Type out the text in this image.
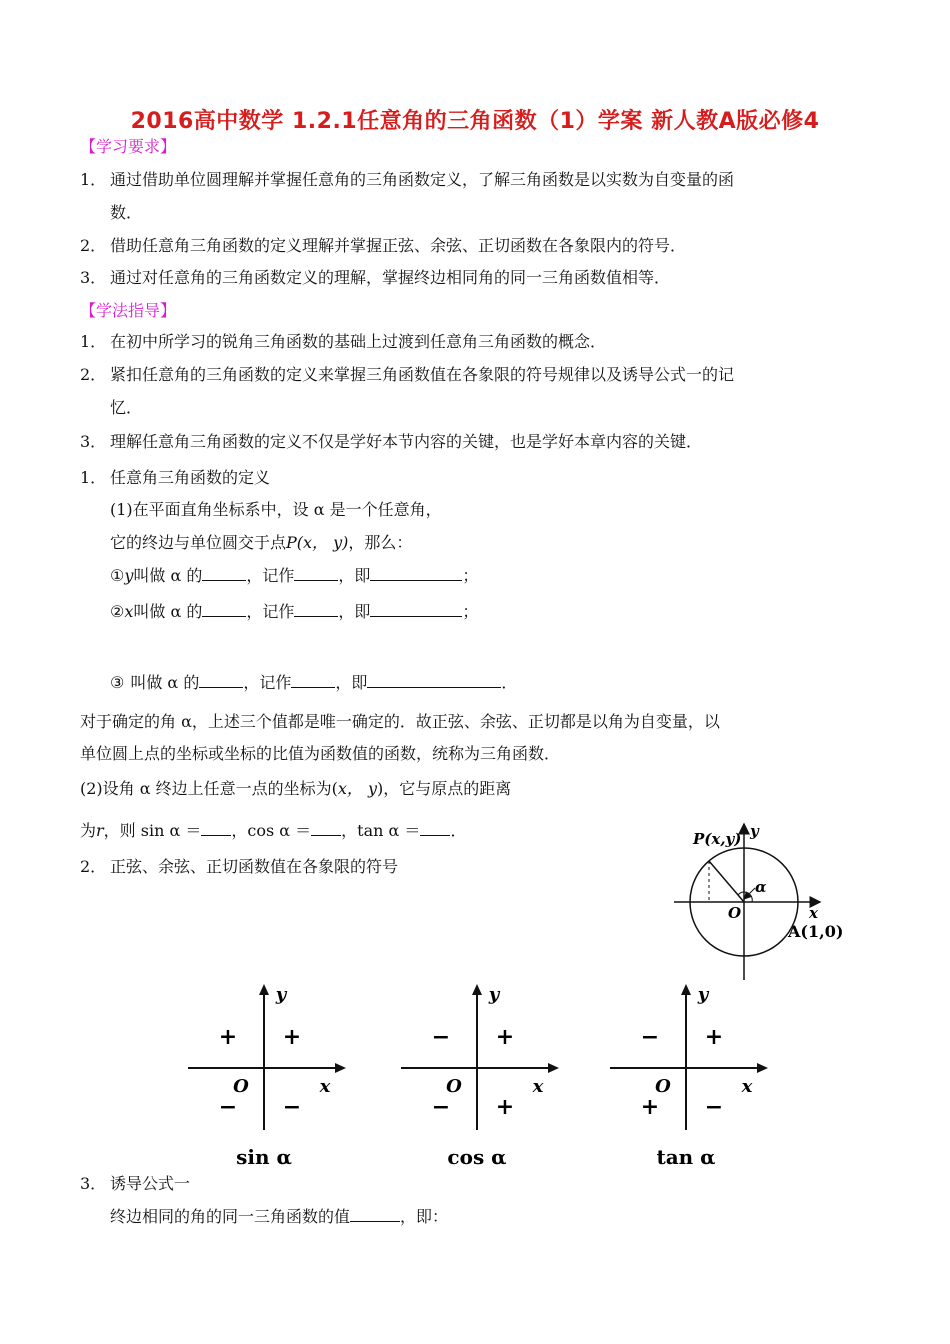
2016高中数学 1.2.1任意角的三角函数（1）学案 新人教A版必修4
【学习要求】
1． 通过借助单位圆理解并掌握任意角的三角函数定义，了解三角函数是以实数为自变量的函
数．
2． 借助任意角三角函数的定义理解并掌握正弦、余弦、正切函数在各象限内的符号．
3． 通过对任意角的三角函数定义的理解，掌握终边相同角的同一三角函数值相等．
【学法指导】
1． 在初中所学习的锐角三角函数的基础上过渡到任意角三角函数的概念．
2． 紧扣任意角的三角函数的定义来掌握三角函数值在各象限的符号规律以及诱导公式一的记
忆．
3． 理解任意角三角函数的定义不仅是学好本节内容的关键，也是学好本章内容的关键．
1． 任意角三角函数的定义
(1)在平面直角坐标系中，设 α 是一个任意角，
它的终边与单位圆交于点P(x， y)，那么：
①y叫做 α 的	，记作	，即	；
②x叫做 α 的	，记作	，即	；
③ 叫做 α 的	，记作	，即	．
对于确定的角 α，上述三个值都是唯一确定的．故正弦、余弦、正切都是以角为自变量，以
单位圆上点的坐标或坐标的比值为函数值的函数，统称为三角函数．
(2)设角 α 终边上任意一点的坐标为(x， y)，它与原点的距离
为r，则 sin α ＝ ，cos α ＝ ，tan α ＝ ．
2． 正弦、余弦、正切函数值在各象限的符号
P(x,y) y
x
O
α
A(1,0)
y
x
O
+
+
− −
sin α
y
x
O
+
−
− +
cos α
y
x
O
+
−
+ −
tan α
3． 诱导公式一
终边相同的角的同一三角函数的值	，即：
